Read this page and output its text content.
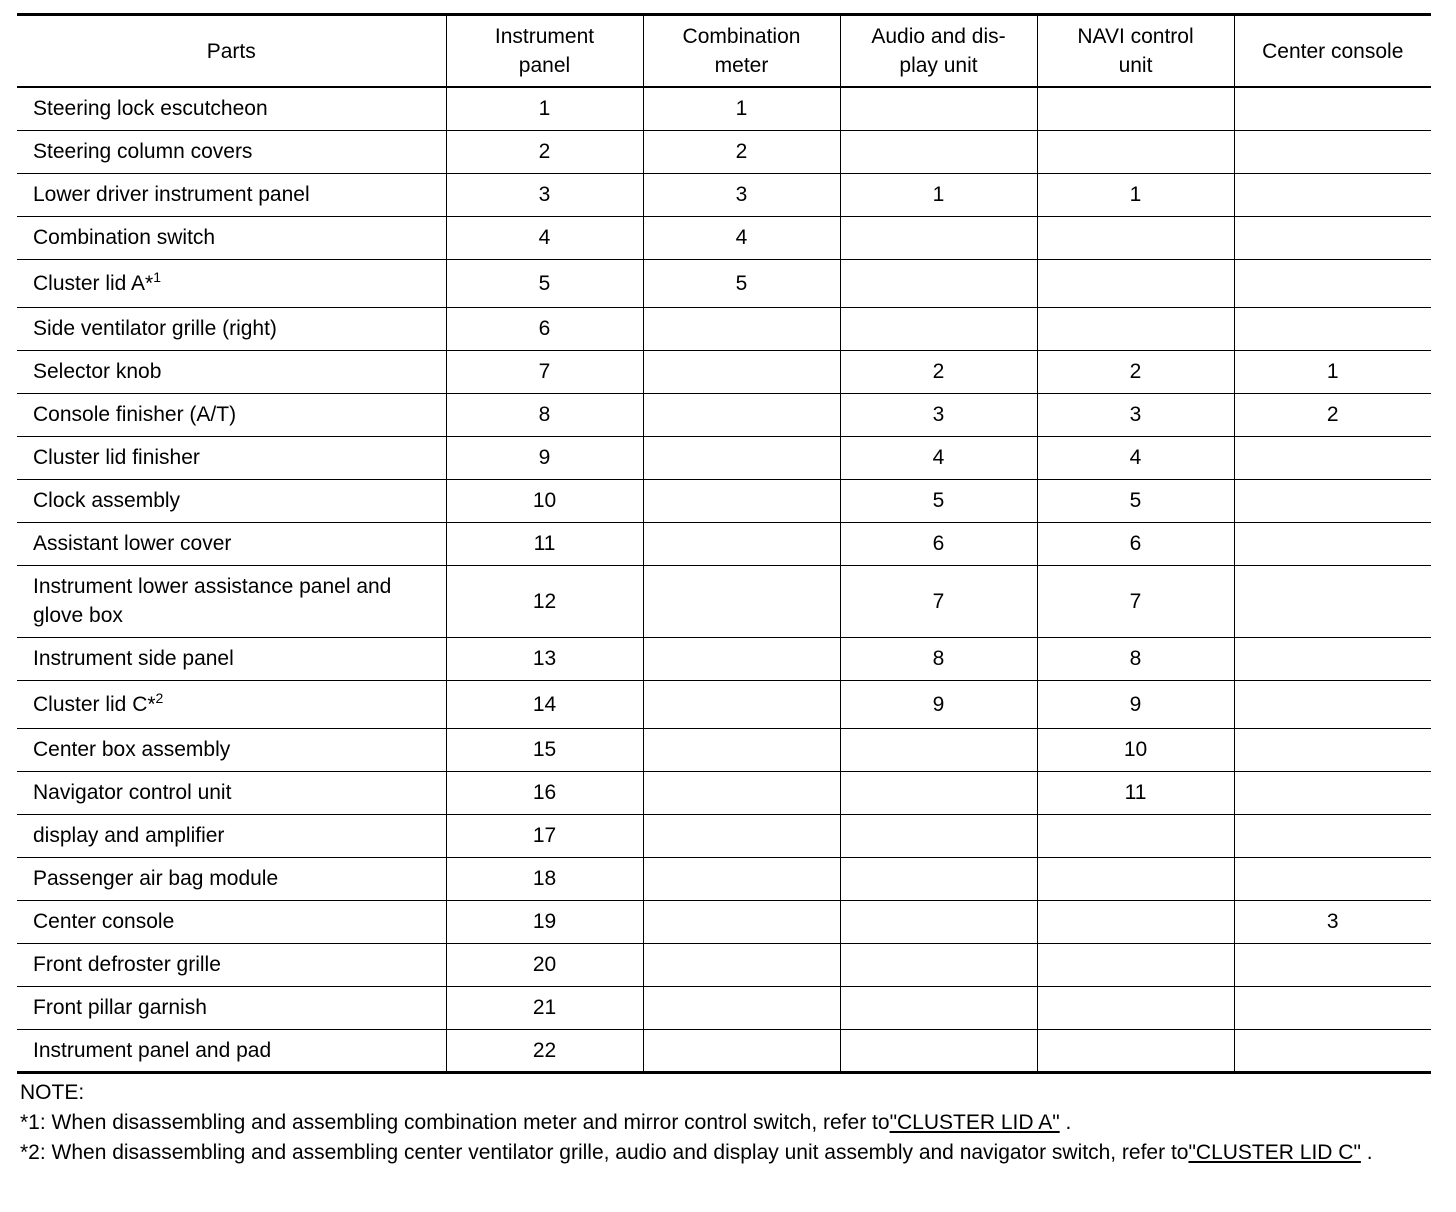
Parts	Instrument panel	Combination meter	Audio and dis-play unit	NAVI control unit	Center console
Steering lock escutcheon	1	1			
Steering column covers	2	2			
Lower driver instrument panel	3	3	1	1	
Combination switch	4	4			
Cluster lid A*$^1$	5	5			
Side ventilator grille (right)	6				
Selector knob	7		2	2	1
Console finisher (A/T)	8		3	3	2
Cluster lid finisher	9		4	4	
Clock assembly	10		5	5	
Assistant lower cover	11		6	6	
Instrument lower assistance panel and glove box	12		7	7	
Instrument side panel	13		8	8	
Cluster lid C*$^2$	14		9	9	
Center box assembly	15			10	
Navigator control unit	16			11	
display and amplifier	17				
Passenger air bag module	18				
Center console	19				3
Front defroster grille	20				
Front pillar garnish	21				
Instrument panel and pad	22				

NOTE:

*1: When disassembling and assembling combination meter and mirror control switch, refer to"CLUSTER LID A" .

*2: When disassembling and assembling center ventilator grille, audio and display unit assembly and navigator switch, refer to"CLUSTER LID C" .
